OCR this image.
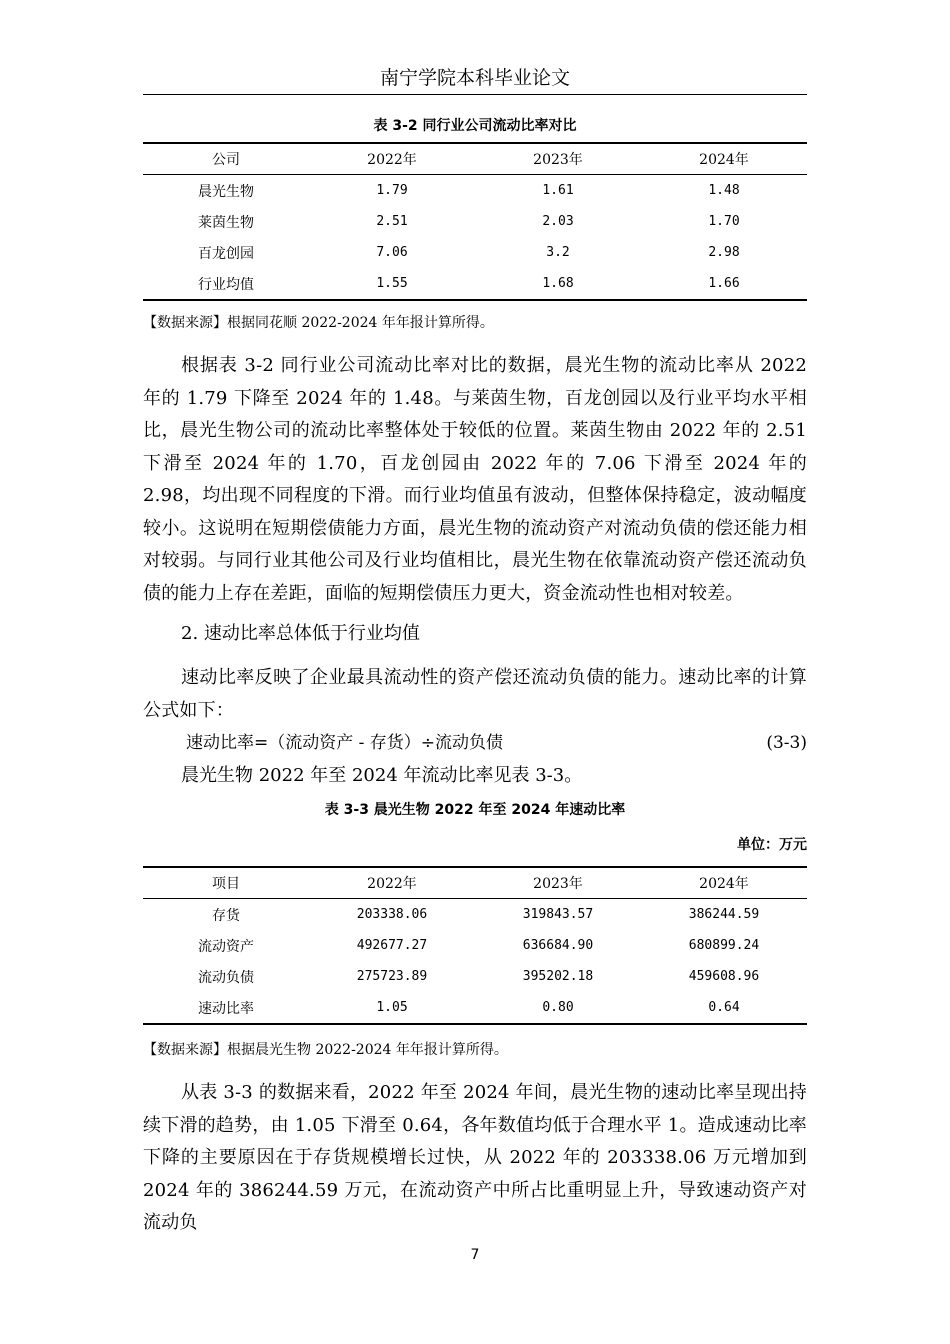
南宁学院本科毕业论文
表 3-2 同行业公司流动比率对比
公司	2022年	2023年	2024年
晨光生物	1.79	1.61	1.48
莱茵生物	2.51	2.03	1.70
百龙创园	7.06	3.2	2.98
行业均值	1.55	1.68	1.66
【数据来源】根据同花顺 2022-2024 年年报计算所得。

根据表 3-2 同行业公司流动比率对比的数据，晨光生物的流动比率从 2022 年的 1.79 下降至 2024 年的 1.48。与莱茵生物，百龙创园以及行业平均水平相比，晨光生物公司的流动比率整体处于较低的位置。莱茵生物由 2022 年的 2.51 下滑至 2024 年的 1.70，百龙创园由 2022 年的 7.06 下滑至 2024 年的 2.98，均出现不同程度的下滑。而行业均值虽有波动，但整体保持稳定，波动幅度较小。这说明在短期偿债能力方面，晨光生物的流动资产对流动负债的偿还能力相对较弱。与同行业其他公司及行业均值相比，晨光生物在依靠流动资产偿还流动负债的能力上存在差距，面临的短期偿债压力更大，资金流动性也相对较差。

2. 速动比率总体低于行业均值

速动比率反映了企业最具流动性的资产偿还流动负债的能力。速动比率的计算公式如下：

速动比率=（流动资产 - 存货）÷流动负债	(3-3)
晨光生物 2022 年至 2024 年流动比率见表 3-3。
表 3-3 晨光生物 2022 年至 2024 年速动比率
单位：万元
项目	2022年	2023年	2024年
存货	203338.06	319843.57	386244.59
流动资产	492677.27	636684.90	680899.24
流动负债	275723.89	395202.18	459608.96
速动比率	1.05	0.80	0.64
【数据来源】根据晨光生物 2022-2024 年年报计算所得。

从表 3-3 的数据来看，2022 年至 2024 年间，晨光生物的速动比率呈现出持续下滑的趋势，由 1.05 下滑至 0.64，各年数值均低于合理水平 1。造成速动比率下降的主要原因在于存货规模增长过快，从 2022 年的 203338.06 万元增加到 2024 年的 386244.59 万元，在流动资产中所占比重明显上升，导致速动资产对流动负

7
